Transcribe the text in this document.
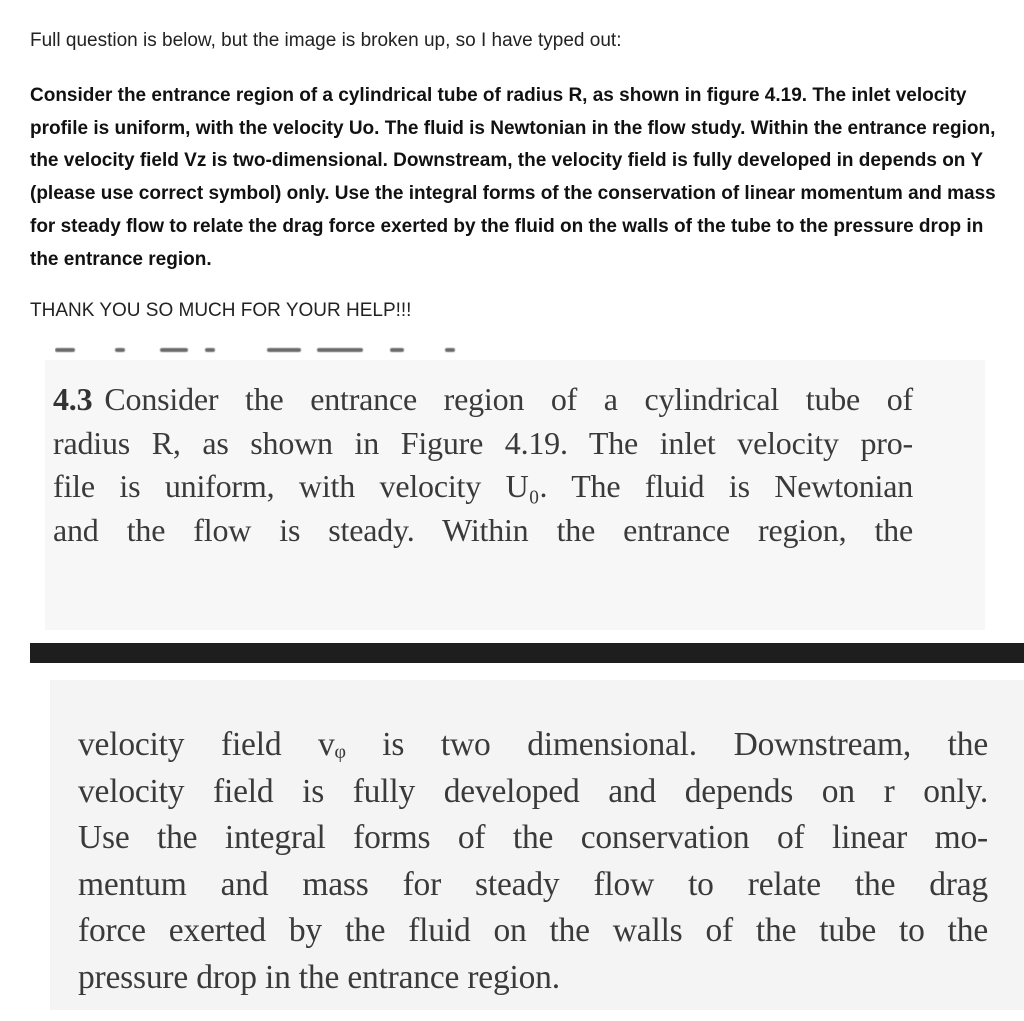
Full question is below, but the image is broken up, so I have typed out:
Consider the entrance region of a cylindrical tube of radius R, as shown in figure 4.19. The inlet velocity profile is uniform, with the velocity Uo. The fluid is Newtonian in the flow study. Within the entrance region, the velocity field Vz is two-dimensional. Downstream, the velocity field is fully developed in depends on Y (please use correct symbol) only. Use the integral forms of the conservation of linear momentum and mass for steady flow to relate the drag force exerted by the fluid on the walls of the tube to the pressure drop in the entrance region.
THANK YOU SO MUCH FOR YOUR HELP!!!
4.3 Consider the entrance region of a cylindrical tube of
radius R, as shown in Figure 4.19. The inlet velocity pro-
file is uniform, with velocity U₀. The fluid is Newtonian
and the flow is steady. Within the entrance region, the
velocity field vᵩ is two dimensional. Downstream, the
velocity field is fully developed and depends on r only.
Use the integral forms of the conservation of linear mo-
mentum and mass for steady flow to relate the drag
force exerted by the fluid on the walls of the tube to the
pressure drop in the entrance region.
